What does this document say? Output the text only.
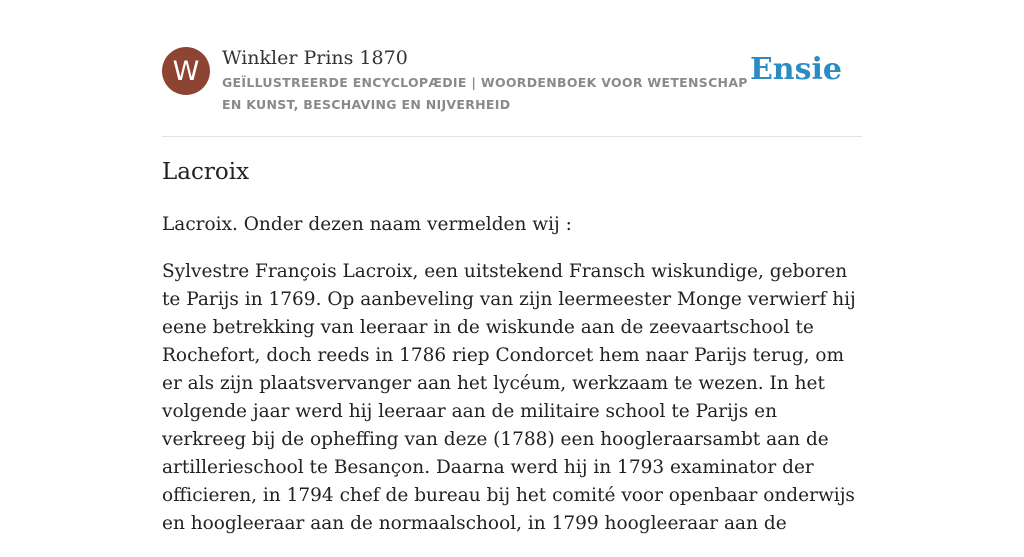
W	Winkler Prins 1870
GEÏLLUSTREERDE ENCYCLOPÆDIE | WOORDENBOEK VOOR WETENSCHAP EN KUNST, BESCHAVING EN NIJVERHEID
Ensie
Lacroix

Lacroix. Onder dezen naam vermelden wij :

Sylvestre François Lacroix, een uitstekend Fransch wiskundige, geboren te Parijs in 1769. Op aanbeveling van zijn leermeester Monge verwierf hij eene betrekking van leeraar in de wiskunde aan de zeevaartschool te Rochefort, doch reeds in 1786 riep Condorcet hem naar Parijs terug, om er als zijn plaatsvervanger aan het lycéum, werkzaam te wezen. In het volgende jaar werd hij leeraar aan de militaire school te Parijs en verkreeg bij de opheffing van deze (1788) een hoogleraarsambt aan de artillerieschool te Besançon. Daarna werd hij in 1793 examinator der officieren, in 1794 chef de bureau bij het comité voor openbaar onderwijs en hoogleeraar aan de normaalschool, in 1799 hoogleeraar aan de
